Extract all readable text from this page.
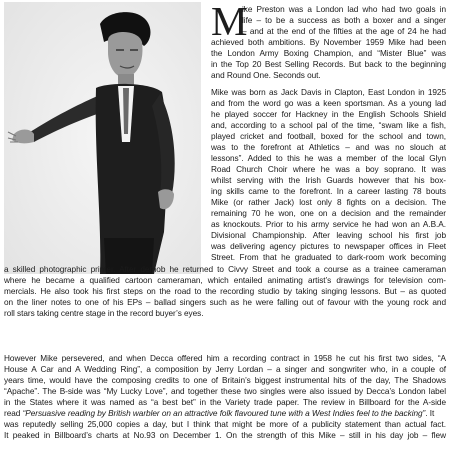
M
ike Preston was a London lad who had two goals in
life – to be a success as both a boxer and a singer
– and at the end of the fifties at the age of 24 he had
achieved both ambitions. By November 1959 Mike had been
the London Army Boxing Champion, and “Mister Blue” was
in the Top 20 Best Selling Records. But back to the beginning
and Round One. Seconds out.
Mike was born as Jack Davis in Clapton, East London in 1925
and from the word go was a keen sportsman. As a young lad
he played soccer for Hackney in the English Schools Shield
and, according to a school pal of the time, “swam like a fish,
played cricket and football, boxed for the school and town,
was to the forefront at Athletics – and was no slouch at
lessons”. Added to this he was a member of the local Glyn
Road Church Choir where he was a boy soprano. It was
whilst serving with the Irish Guards however that his box-
ing skills came to the forefront. In a career lasting 78 bouts
Mike (or rather Jack) lost only 8 fights on a decision. The
remaining 70 he won, one on a decision and the remainder
as knockouts. Prior to his army service he had won an A.B.A.
Divisional Championship. After leaving school his first job
was delivering agency pictures to newspaper offices in Fleet
Street. From that he graduated to dark-room work becoming
a skilled photographic printer. After demob he returned to Civvy Street and took a course as a trainee cameraman
where he became a qualified cartoon cameraman, which entailed animating artist’s drawings for television com-
mercials. He also took his first steps on the road to the recording studio by taking singing lessons. But – as quoted
on the liner notes to one of his EPs – ballad singers such as he were falling out of favour with the young rock and
roll stars taking centre stage in the record buyer’s eyes.
However Mike persevered, and when Decca offered him a recording contract in 1958 he cut his first two sides, “A
House A Car and A Wedding Ring”, a composition by Jerry Lordan – a singer and songwriter who, in a couple of
years time, would have the composing credits to one of Britain’s biggest instrumental hits of the day, The Shadows
“Apache”. The B-side was “My Lucky Love”, and together these two singles were also issued by Decca’s London label
in the States where it was named as “a best bet” in the Variety trade paper. The review in Billboard for the A-side
read “Persuasive reading by British warbler on an attractive folk flavoured tune with a West Indies feel to the backing”. It
was reputedly selling 25,000 copies a day, but I think that might be more of a publicity statement than actual fact.
It peaked in Billboard’s charts at No.93 on December 1. On the strength of this Mike – still in his day job – flew
